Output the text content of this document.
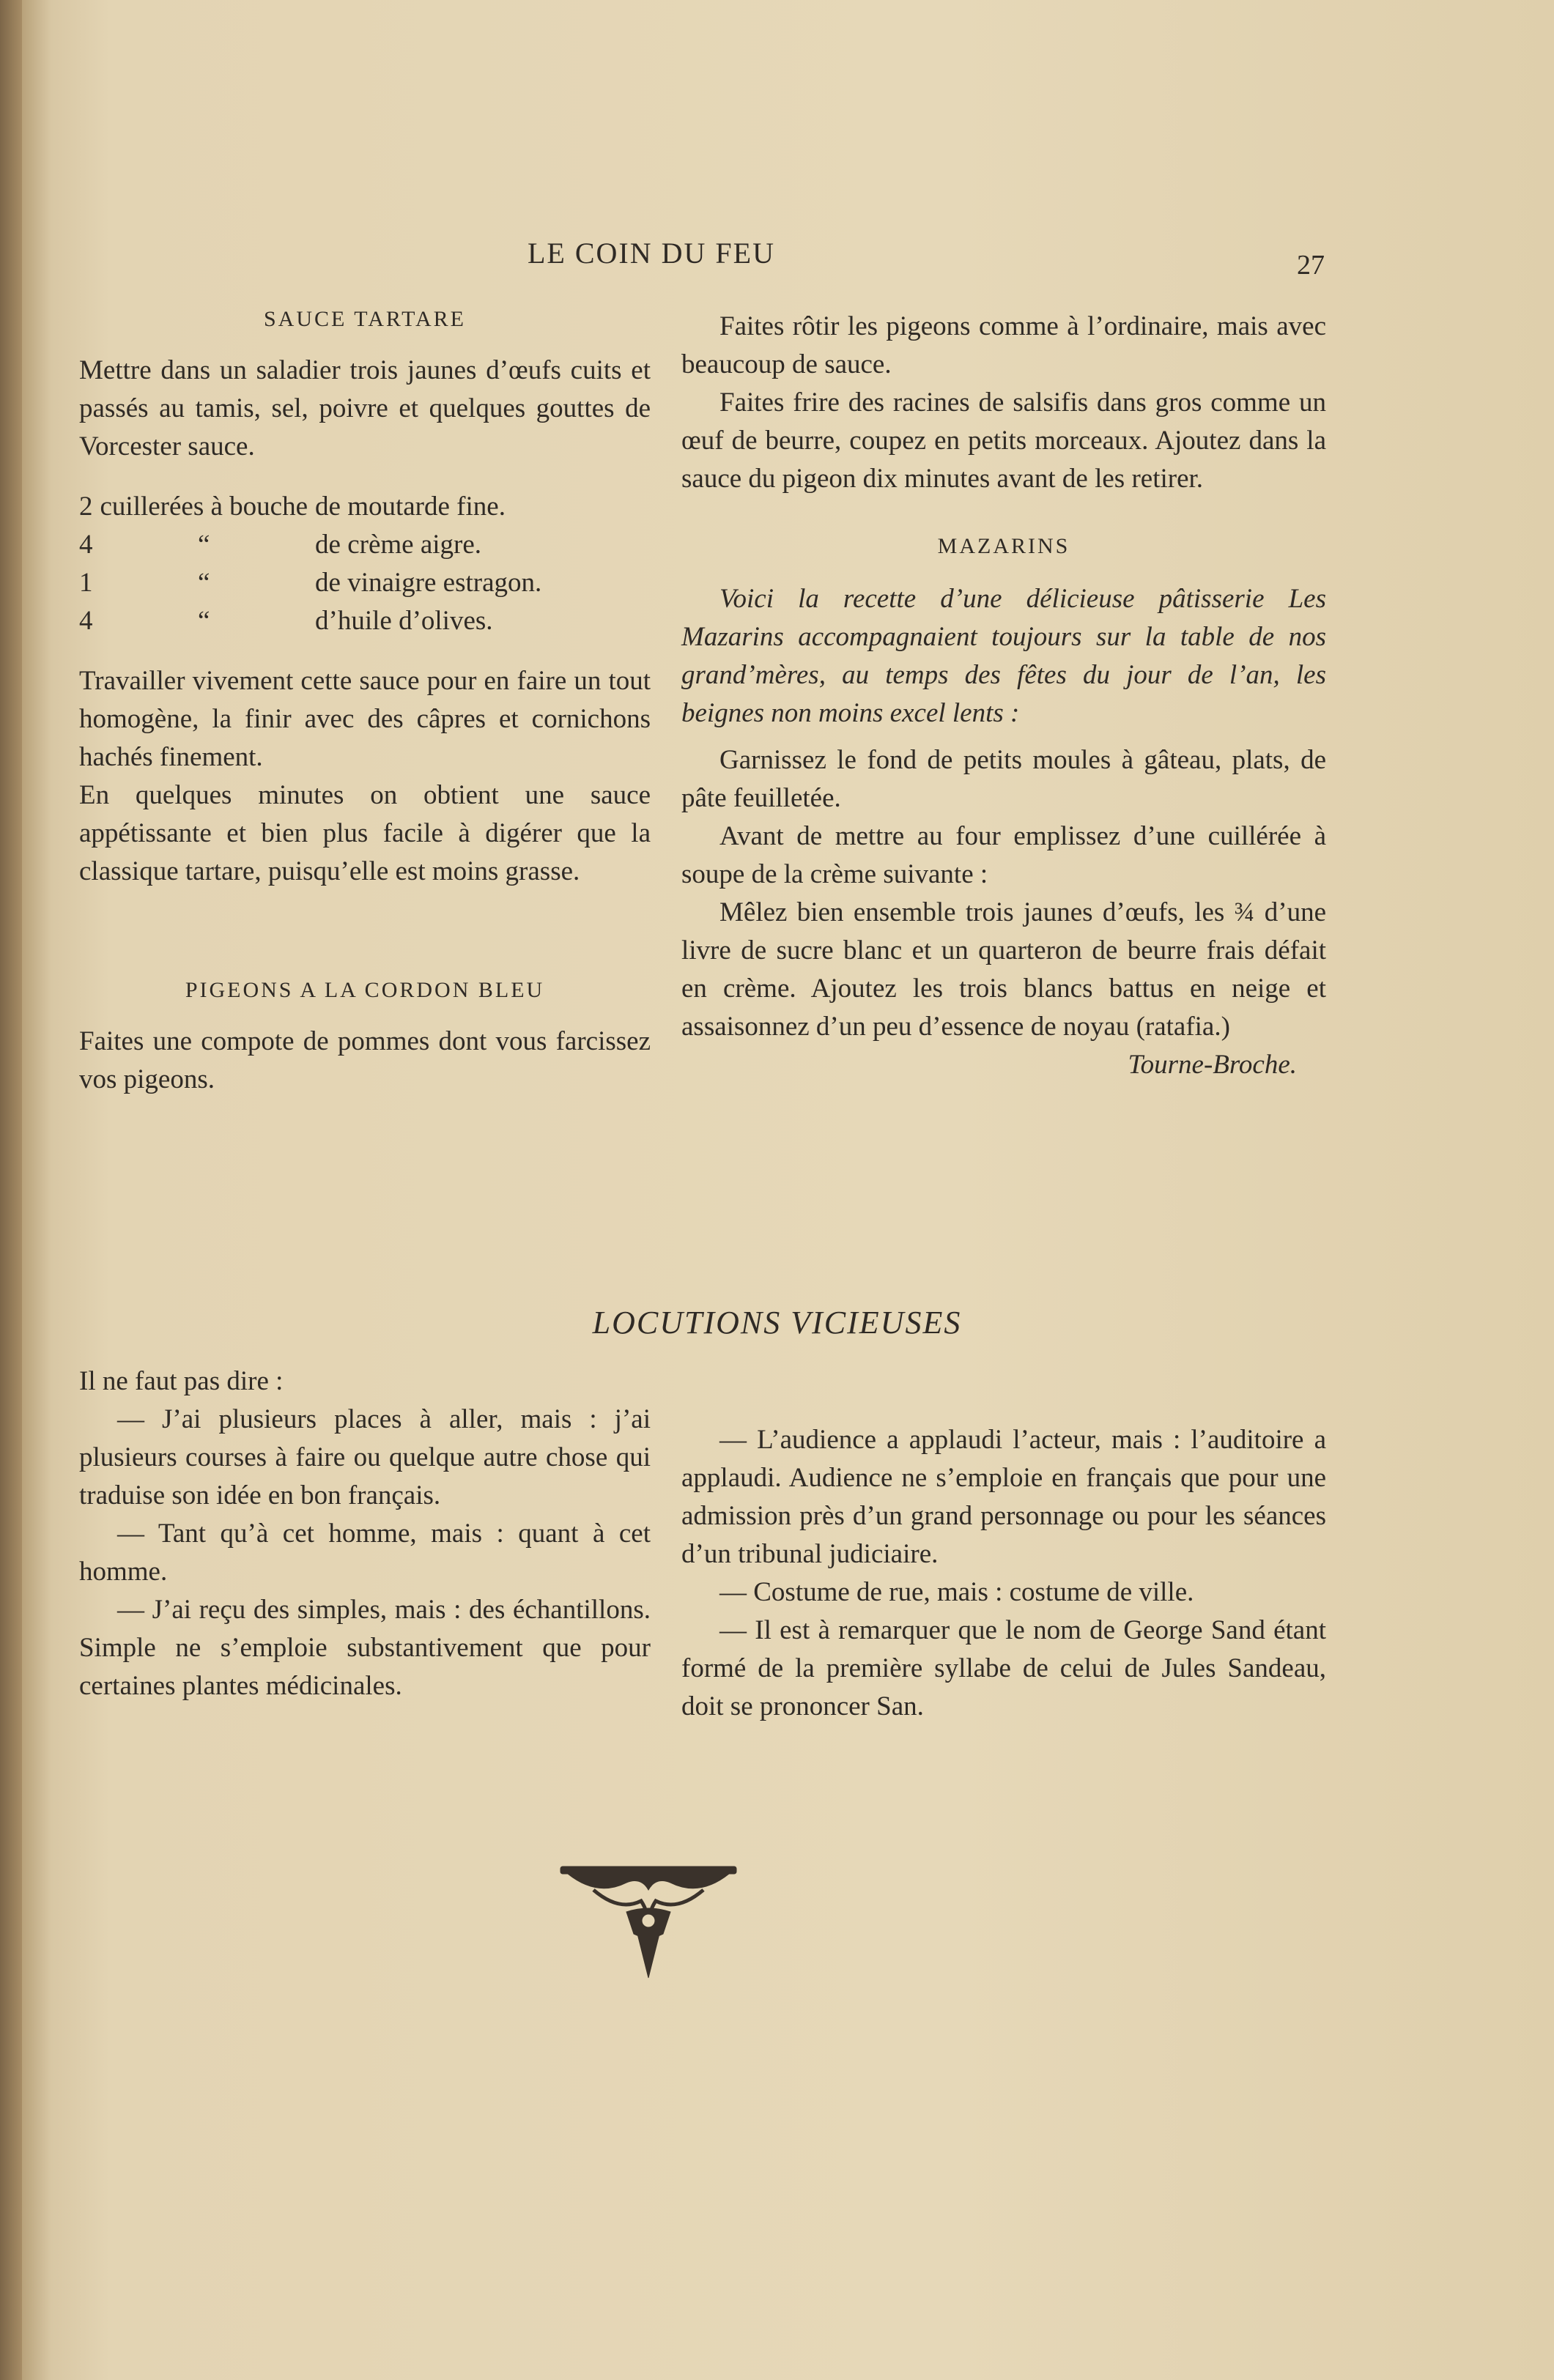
LE COIN DU FEU	27

SAUCE TARTARE

Mettre dans un saladier trois jaunes d’œufs cuits et passés au tamis, sel, poivre et quelques gouttes de Vorcester sauce.

2	cuillerées à bouche	de moutarde fine.
4	“	de crème aigre.
1	“	de vinaigre estragon.
4	“	d’huile d’olives.

Travailler vivement cette sauce pour en faire un tout homogène, la finir avec des câpres et cornichons hachés finement.

En quelques minutes on obtient une sauce appétissante et bien plus facile à digérer que la classique tartare, puisqu’elle est moins grasse.

PIGEONS A LA CORDON BLEU

Faites une compote de pommes dont vous farcissez vos pigeons.

Faites rôtir les pigeons comme à l’ordinaire, mais avec beaucoup de sauce.

Faites frire des racines de salsifis dans gros comme un œuf de beurre, coupez en petits morceaux. Ajoutez dans la sauce du pigeon dix minutes avant de les retirer.

MAZARINS

Voici la recette d’une délicieuse pâtisserie Les Mazarins accompagnaient toujours sur la table de nos grand’mères, au temps des fêtes du jour de l’an, les beignes non moins excel lents :

Garnissez le fond de petits moules à gâteau, plats, de pâte feuilletée.

Avant de mettre au four emplissez d’une cuillérée à soupe de la crème suivante :

Mêlez bien ensemble trois jaunes d’œufs, les ¾ d’une livre de sucre blanc et un quarteron de beurre frais défait en crème. Ajoutez les trois blancs battus en neige et assaisonnez d’un peu d’essence de noyau (ratafia.)

Tourne-Broche.

LOCUTIONS VICIEUSES

Il ne faut pas dire :

— J’ai plusieurs places à aller, mais : j’ai plusieurs courses à faire ou quelque autre chose qui traduise son idée en bon français.

— Tant qu’à cet homme, mais : quant à cet homme.

— J’ai reçu des simples, mais : des échantillons. Simple ne s’emploie substantivement que pour certaines plantes médicinales.

— L’audience a applaudi l’acteur, mais : l’auditoire a applaudi. Audience ne s’emploie en français que pour une admission près d’un grand personnage ou pour les séances d’un tribunal judiciaire.

— Costume de rue, mais : costume de ville.

— Il est à remarquer que le nom de George Sand étant formé de la première syllabe de celui de Jules Sandeau, doit se prononcer San.
